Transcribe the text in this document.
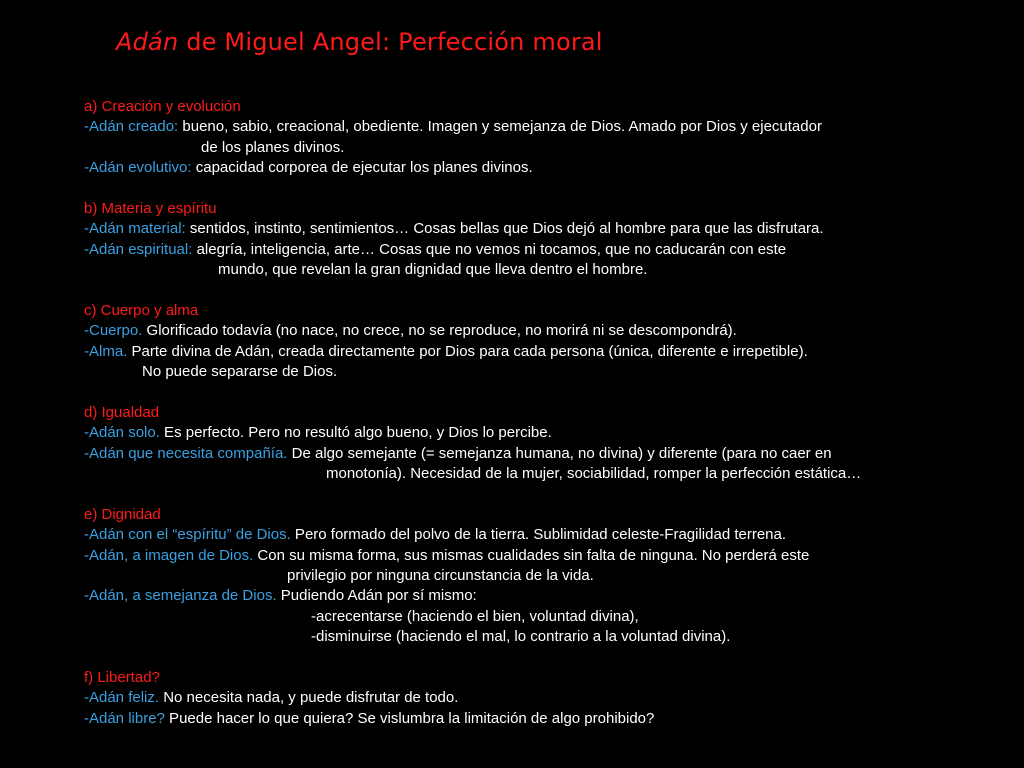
Adán de Miguel Angel: Perfección moral
a) Creación y evolución
-Adán creado: bueno, sabio, creacional, obediente. Imagen y semejanza de Dios. Amado por Dios y ejecutador
de los planes divinos.
-Adán evolutivo: capacidad corporea de ejecutar los planes divinos.
b) Materia y espíritu
-Adán material: sentidos, instinto, sentimientos… Cosas bellas que Dios dejó al hombre para que las disfrutara.
-Adán espiritual: alegría, inteligencia, arte… Cosas que no vemos ni tocamos, que no caducarán con este
mundo, que revelan la gran dignidad que lleva dentro el hombre.
c) Cuerpo y alma
-Cuerpo. Glorificado todavía (no nace, no crece, no se reproduce, no morirá ni se descompondrá).
-Alma. Parte divina de Adán, creada directamente por Dios para cada persona (única, diferente e irrepetible).
No puede separarse de Dios.
d) Igualdad
-Adán solo. Es perfecto. Pero no resultó algo bueno, y Dios lo percibe.
-Adán que necesita compañía. De algo semejante (= semejanza humana, no divina) y diferente (para no caer en
monotonía). Necesidad de la mujer, sociabilidad, romper la perfección estática…
e) Dignidad
-Adán con el “espíritu” de Dios. Pero formado del polvo de la tierra. Sublimidad celeste-Fragilidad terrena.
-Adán, a imagen de Dios. Con su misma forma, sus mismas cualidades sin falta de ninguna. No perderá este
privilegio por ninguna circunstancia de la vida.
-Adán, a semejanza de Dios. Pudiendo Adán por sí mismo:
-acrecentarse (haciendo el bien, voluntad divina),
-disminuirse (haciendo el mal, lo contrario a la voluntad divina).
f) Libertad?
-Adán feliz. No necesita nada, y puede disfrutar de todo.
-Adán libre? Puede hacer lo que quiera? Se vislumbra la limitación de algo prohibido?
